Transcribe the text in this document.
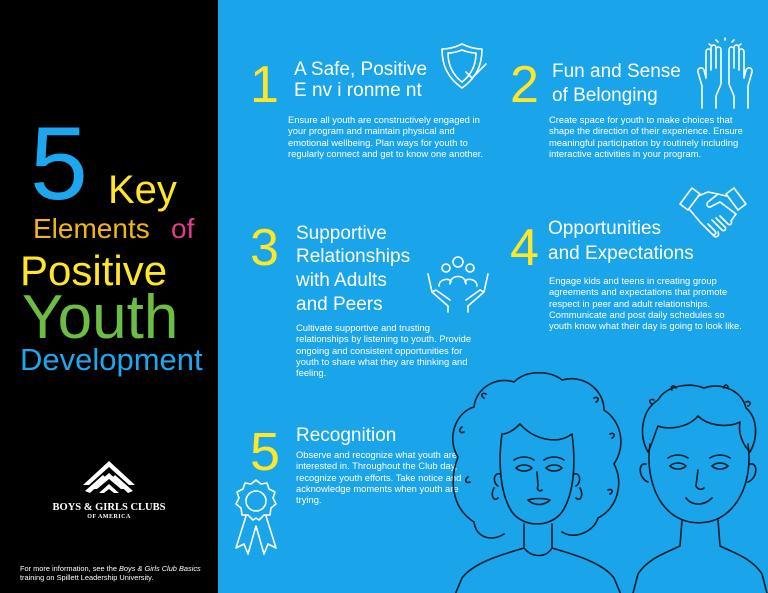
5 Key
Elements of
Positive
Youth
Development
BOYS & GIRLS CLUBS
OF AMERICA
For more information, see the Boys & Girls Club Basics training on Spillett Leadership University.
1 A Safe, Positive
E nv i ronme nt
Ensure all youth are constructively engaged in your program and maintain physical and emotional wellbeing. Plan ways for youth to regularly connect and get to know one another.
2 Fun and Sense
of Belonging
Create space for youth to make choices that shape the direction of their experience. Ensure meaningful participation by routinely including interactive activities in your program.
3 Supportive
Relationships
with Adults
and Peers
Cultivate supportive and trusting relationships by listening to youth. Provide ongoing and consistent opportunities for youth to share what they are thinking and feeling.
4 Opportunities
and Expectations
Engage kids and teens in creating group agreements and expectations that promote respect in peer and adult relationships. Communicate and post daily schedules so youth know what their day is going to look like.
5 Recognition
Observe and recognize what youth are interested in. Throughout the Club day, recognize youth efforts. Take notice and acknowledge moments when youth are trying.
